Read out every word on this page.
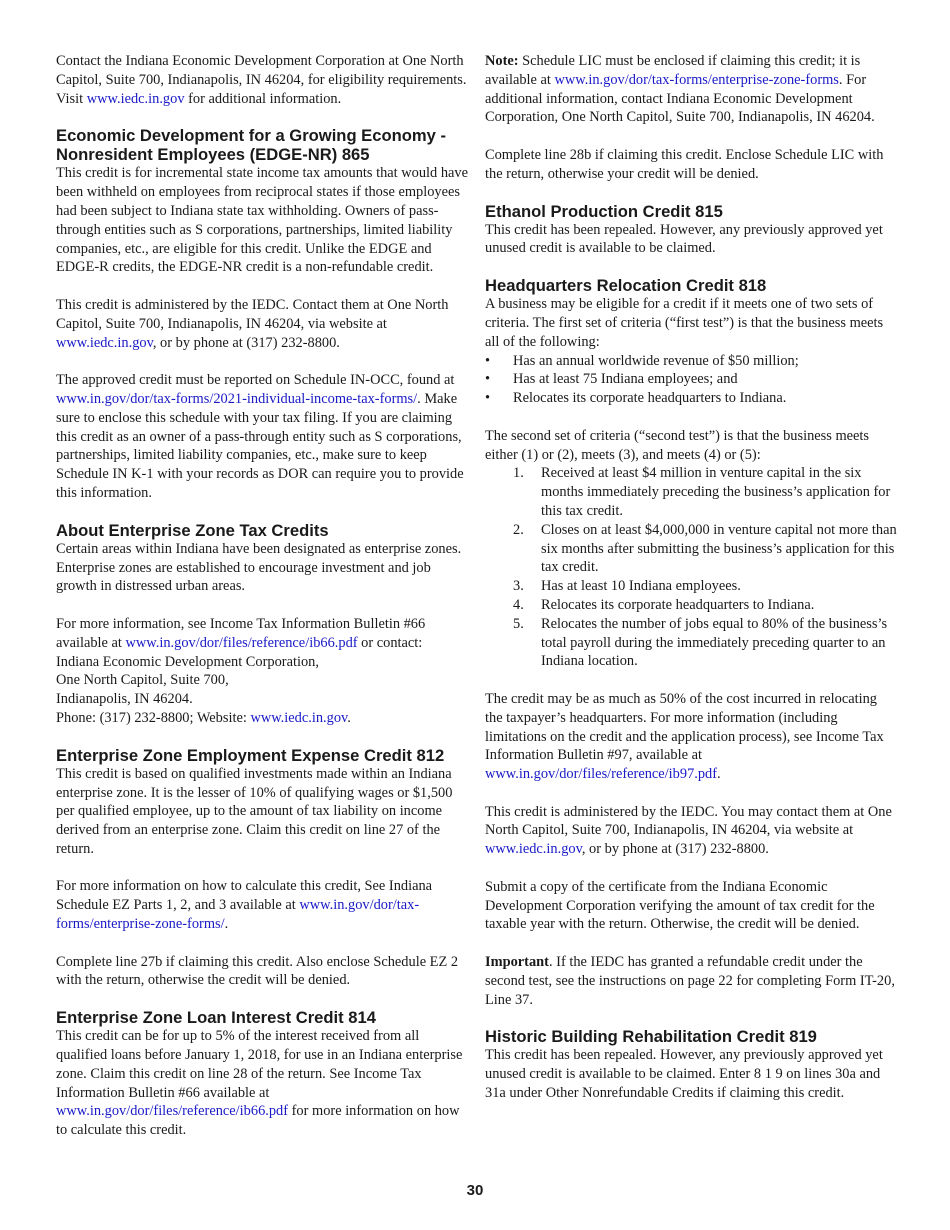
Contact the Indiana Economic Development Corporation at One North Capitol, Suite 700, Indianapolis, IN 46204, for eligibility requirements. Visit www.iedc.in.gov for additional information.

Economic Development for a Growing Economy - Nonresident Employees (EDGE-NR) 865

This credit is for incremental state income tax amounts that would have been withheld on employees from reciprocal states if those employees had been subject to Indiana state tax withholding. Owners of pass-through entities such as S corporations, partnerships, limited liability companies, etc., are eligible for this credit. Unlike the EDGE and EDGE-R credits, the EDGE-NR credit is a non-refundable credit.

This credit is administered by the IEDC. Contact them at One North Capitol, Suite 700, Indianapolis, IN 46204, via website at www.iedc.in.gov, or by phone at (317) 232-8800.

The approved credit must be reported on Schedule IN-OCC, found at www.in.gov/dor/tax-forms/2021-individual-income-tax-forms/. Make sure to enclose this schedule with your tax filing. If you are claiming this credit as an owner of a pass-through entity such as S corporations, partnerships, limited liability companies, etc., make sure to keep Schedule IN K-1 with your records as DOR can require you to provide this information.

About Enterprise Zone Tax Credits

Certain areas within Indiana have been designated as enterprise zones. Enterprise zones are established to encourage investment and job growth in distressed urban areas.

For more information, see Income Tax Information Bulletin #66 available at www.in.gov/dor/files/reference/ib66.pdf or contact:
Indiana Economic Development Corporation,
One North Capitol, Suite 700,
Indianapolis, IN 46204.
Phone: (317) 232-8800; Website: www.iedc.in.gov.

Enterprise Zone Employment Expense Credit 812

This credit is based on qualified investments made within an Indiana enterprise zone. It is the lesser of 10% of qualifying wages or $1,500 per qualified employee, up to the amount of tax liability on income derived from an enterprise zone. Claim this credit on line 27 of the return.

For more information on how to calculate this credit, See Indiana Schedule EZ Parts 1, 2, and 3 available at www.in.gov/dor/tax-forms/enterprise-zone-forms/.

Complete line 27b if claiming this credit. Also enclose Schedule EZ 2 with the return, otherwise the credit will be denied.

Enterprise Zone Loan Interest Credit 814

This credit can be for up to 5% of the interest received from all qualified loans before January 1, 2018, for use in an Indiana enterprise zone. Claim this credit on line 28 of the return. See Income Tax Information Bulletin #66 available at www.in.gov/dor/files/reference/ib66.pdf for more information on how to calculate this credit.

Note: Schedule LIC must be enclosed if claiming this credit; it is available at www.in.gov/dor/tax-forms/enterprise-zone-forms. For additional information, contact Indiana Economic Development Corporation, One North Capitol, Suite 700, Indianapolis, IN 46204.

Complete line 28b if claiming this credit. Enclose Schedule LIC with the return, otherwise your credit will be denied.

Ethanol Production Credit 815

This credit has been repealed. However, any previously approved yet unused credit is available to be claimed.

Headquarters Relocation Credit 818

A business may be eligible for a credit if it meets one of two sets of criteria. The first set of criteria (“first test”) is that the business meets all of the following:

• Has an annual worldwide revenue of $50 million;
• Has at least 75 Indiana employees; and
• Relocates its corporate headquarters to Indiana.

The second set of criteria (“second test”) is that the business meets either (1) or (2), meets (3), and meets (4) or (5):

1. Received at least $4 million in venture capital in the six months immediately preceding the business’s application for this tax credit.
2. Closes on at least $4,000,000 in venture capital not more than six months after submitting the business’s application for this tax credit.
3. Has at least 10 Indiana employees.
4. Relocates its corporate headquarters to Indiana.
5. Relocates the number of jobs equal to 80% of the business’s total payroll during the immediately preceding quarter to an Indiana location.

The credit may be as much as 50% of the cost incurred in relocating the taxpayer’s headquarters. For more information (including limitations on the credit and the application process), see Income Tax Information Bulletin #97, available at www.in.gov/dor/files/reference/ib97.pdf.

This credit is administered by the IEDC. You may contact them at One North Capitol, Suite 700, Indianapolis, IN 46204, via website at www.iedc.in.gov, or by phone at (317) 232-8800.

Submit a copy of the certificate from the Indiana Economic Development Corporation verifying the amount of tax credit for the taxable year with the return. Otherwise, the credit will be denied.

Important. If the IEDC has granted a refundable credit under the second test, see the instructions on page 22 for completing Form IT-20, Line 37.

Historic Building Rehabilitation Credit 819

This credit has been repealed. However, any previously approved yet unused credit is available to be claimed. Enter 8 1 9 on lines 30a and 31a under Other Nonrefundable Credits if claiming this credit.

30
